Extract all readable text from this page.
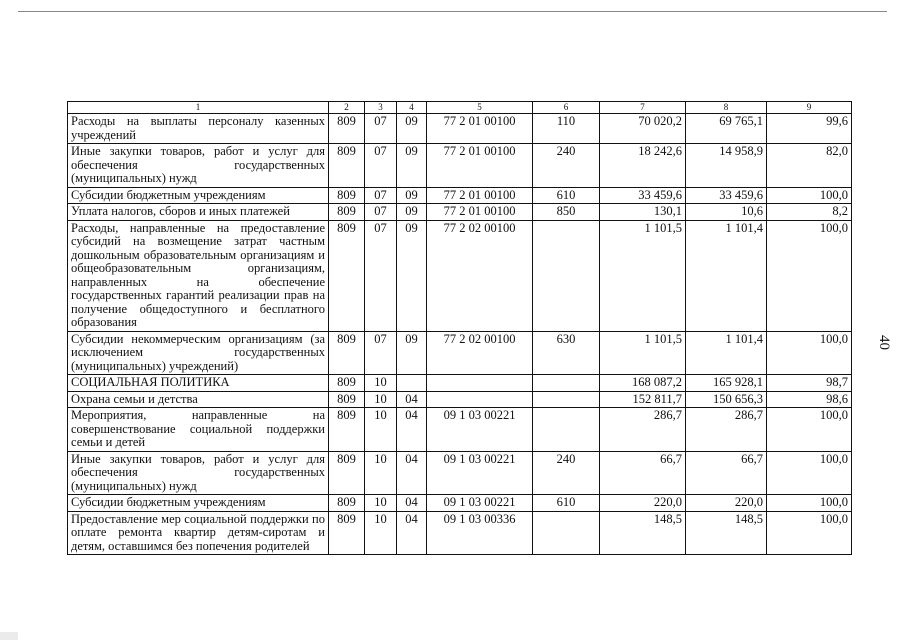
1	2	3	4	5	6	7	8	9
Расходы на выплаты персоналу казенных учреждений	809	07	09	77 2 01 00100	110	70 020,2	69 765,1	99,6
Иные закупки товаров, работ и услуг для обеспечения государственных (муниципальных) нужд	809	07	09	77 2 01 00100	240	18 242,6	14 958,9	82,0
Субсидии бюджетным учреждениям	809	07	09	77 2 01 00100	610	33 459,6	33 459,6	100,0
Уплата налогов, сборов и иных платежей	809	07	09	77 2 01 00100	850	130,1	10,6	8,2
Расходы, направленные на предоставление субсидий на возмещение затрат частным дошкольным образовательным организациям и общеобразовательным организациям, направленных на обеспечение государственных гарантий реализации прав на получение общедоступного и бесплатного образования	809	07	09	77 2 02 00100		1 101,5	1 101,4	100,0
Субсидии некоммерческим организациям (за исключением государственных (муниципальных) учреждений)	809	07	09	77 2 02 00100	630	1 101,5	1 101,4	100,0
СОЦИАЛЬНАЯ ПОЛИТИКА	809	10				168 087,2	165 928,1	98,7
Охрана семьи и детства	809	10	04			152 811,7	150 656,3	98,6
Мероприятия, направленные на совершенствование социальной поддержки семьи и детей	809	10	04	09 1 03 00221		286,7	286,7	100,0
Иные закупки товаров, работ и услуг для обеспечения государственных (муниципальных) нужд	809	10	04	09 1 03 00221	240	66,7	66,7	100,0
Субсидии бюджетным учреждениям	809	10	04	09 1 03 00221	610	220,0	220,0	100,0
Предоставление мер социальной поддержки по оплате ремонта квартир детям-сиротам и детям, оставшимся без попечения родителей	809	10	04	09 1 03 00336		148,5	148,5	100,0
40
